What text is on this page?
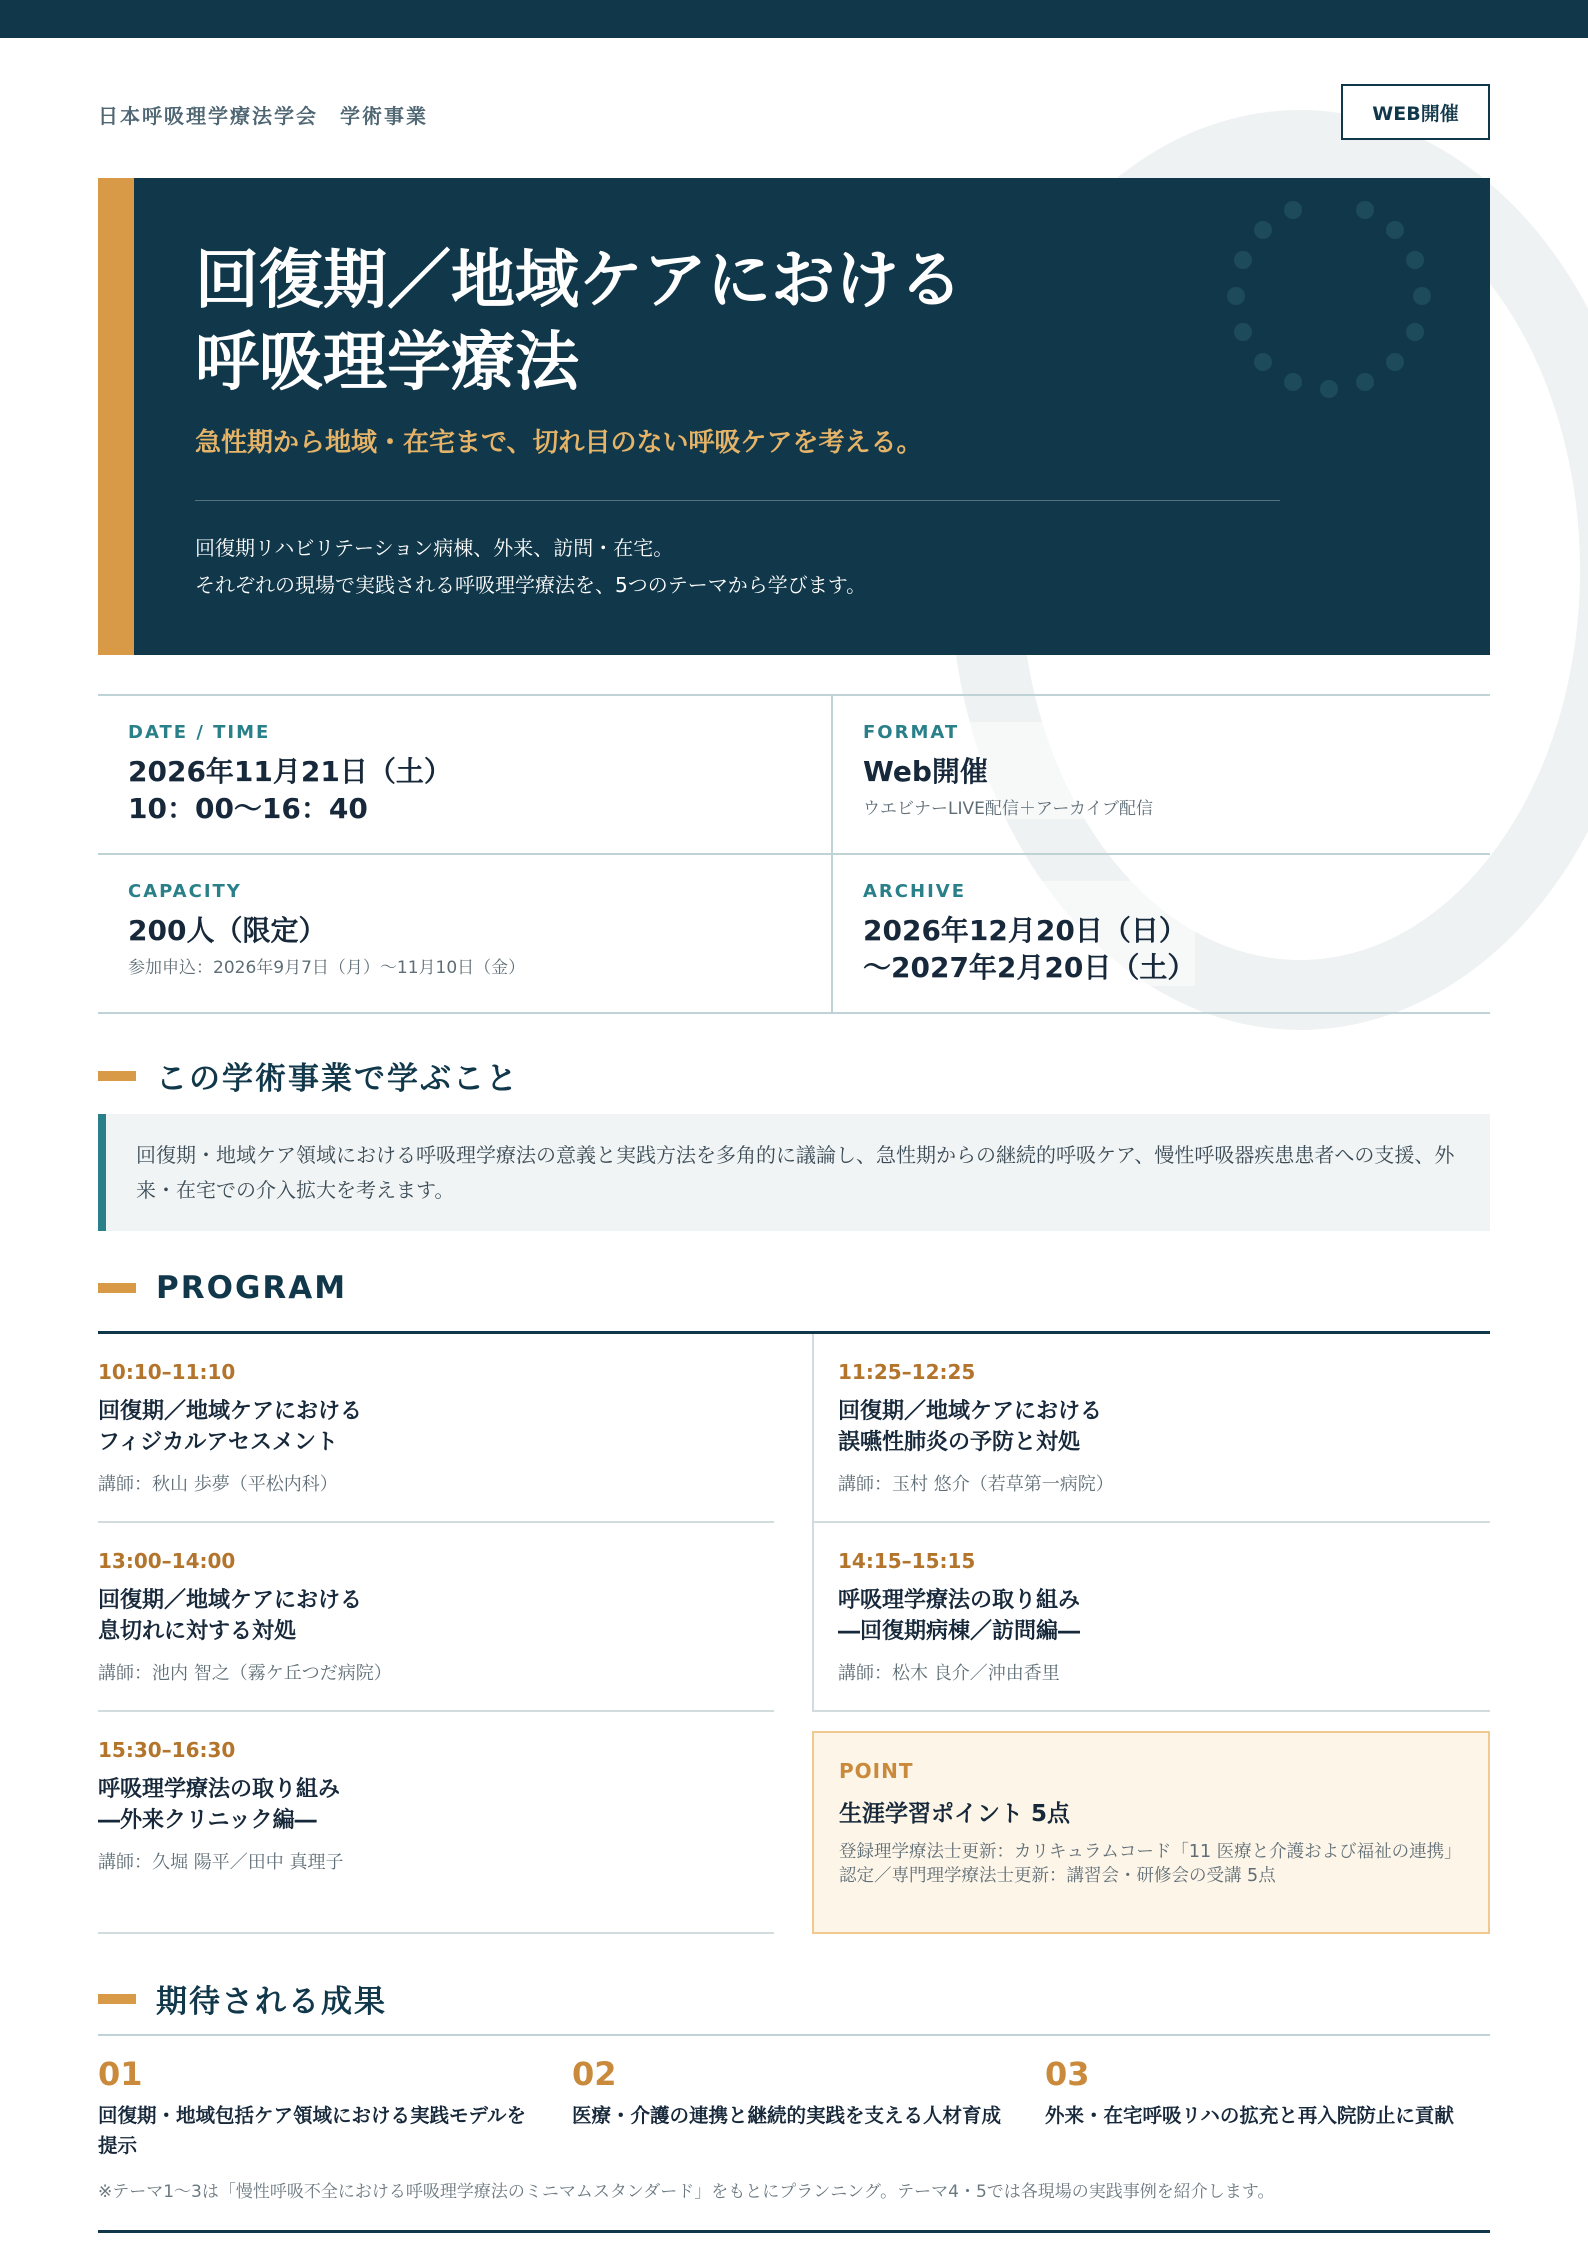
日本呼吸理学療法学会　学術事業	WEB開催
回復期／地域ケアにおける
呼吸理学療法
急性期から地域・在宅まで、切れ目のない呼吸ケアを考える。
回復期リハビリテーション病棟、外来、訪問・在宅。
それぞれの現場で実践される呼吸理学療法を、5つのテーマから学びます。
DATE / TIME
2026年11月21日（土）
10：00〜16：40
FORMAT
Web開催
ウエビナーLIVE配信＋アーカイブ配信
CAPACITY
200人（限定）
参加申込：2026年9月7日（月）〜11月10日（金）
ARCHIVE
2026年12月20日（日）
〜2027年2月20日（土）
この学術事業で学ぶこと
回復期・地域ケア領域における呼吸理学療法の意義と実践方法を多角的に議論し、急性期からの継続的呼吸ケア、慢性呼吸器疾患患者への支援、外来・在宅での介入拡大を考えます。
PROGRAM
10:10–11:10
回復期／地域ケアにおける
フィジカルアセスメント
講師：秋山 歩夢（平松内科）
11:25–12:25
回復期／地域ケアにおける
誤嚥性肺炎の予防と対処
講師：玉村 悠介（若草第一病院）
13:00–14:00
回復期／地域ケアにおける
息切れに対する対処
講師：池内 智之（霧ケ丘つだ病院）
14:15–15:15
呼吸理学療法の取り組み
―回復期病棟／訪問編―
講師：松木 良介／沖由香里
15:30–16:30
呼吸理学療法の取り組み
―外来クリニック編―
講師：久堀 陽平／田中 真理子
POINT
生涯学習ポイント 5点
登録理学療法士更新：カリキュラムコード「11 医療と介護および福祉の連携」
認定／専門理学療法士更新：講習会・研修会の受講 5点
期待される成果
01
回復期・地域包括ケア領域における実践モデルを提示
02
医療・介護の連携と継続的実践を支える人材育成
03
外来・在宅呼吸リハの拡充と再入院防止に貢献
※テーマ1〜3は「慢性呼吸不全における呼吸理学療法のミニマムスタンダード」をもとにプランニング。テーマ4・5では各現場の実践事例を紹介します。
